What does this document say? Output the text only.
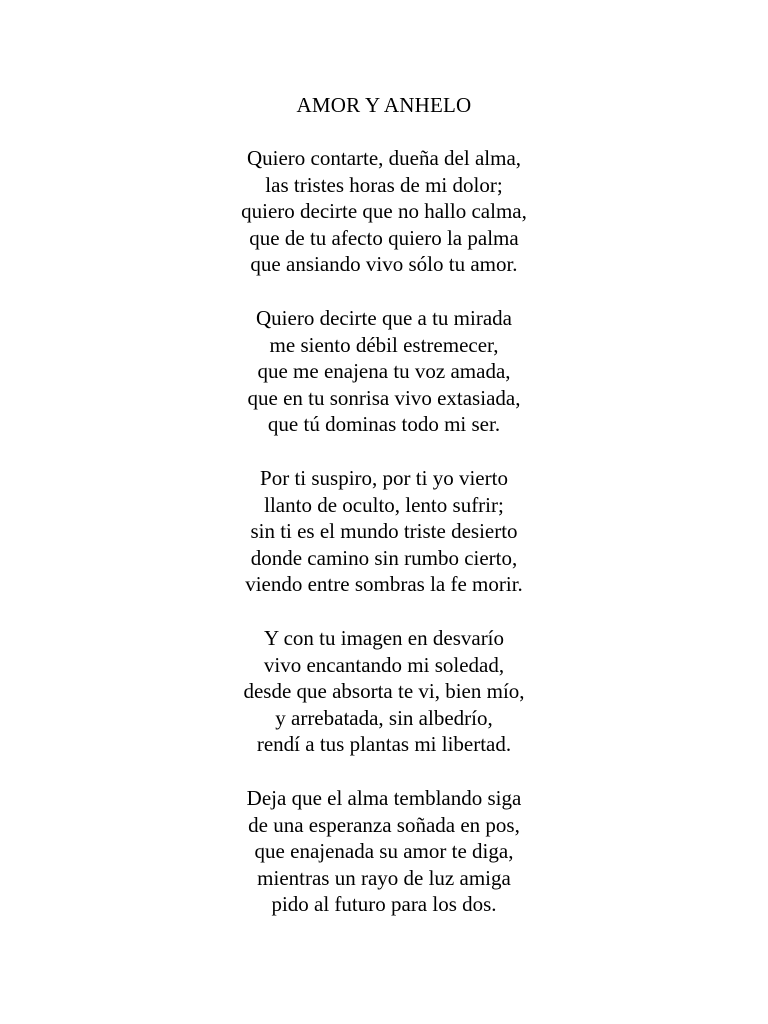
AMOR Y ANHELO
Quiero contarte, dueña del alma,
las tristes horas de mi dolor;
quiero decirte que no hallo calma,
que de tu afecto quiero la palma
que ansiando vivo sólo tu amor.
Quiero decirte que a tu mirada
me siento débil estremecer,
que me enajena tu voz amada,
que en tu sonrisa vivo extasiada,
que tú dominas todo mi ser.
Por ti suspiro, por ti yo vierto
llanto de oculto, lento sufrir;
sin ti es el mundo triste desierto
donde camino sin rumbo cierto,
viendo entre sombras la fe morir.
Y con tu imagen en desvarío
vivo encantando mi soledad,
desde que absorta te vi, bien mío,
y arrebatada, sin albedrío,
rendí a tus plantas mi libertad.
Deja que el alma temblando siga
de una esperanza soñada en pos,
que enajenada su amor te diga,
mientras un rayo de luz amiga
pido al futuro para los dos.
